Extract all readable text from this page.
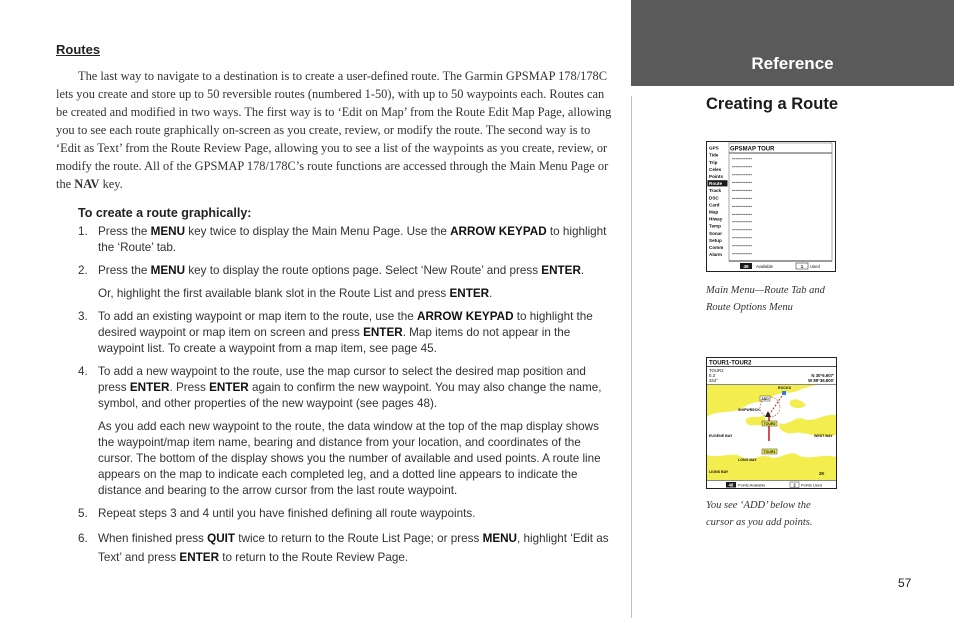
Routes

The last way to navigate to a destination is to create a user-defined route. The Garmin GPSMAP 178/178C lets you create and store up to 50 reversible routes (numbered 1-50), with up to 50 waypoints each. Routes can be created and modified in two ways. The first way is to ‘Edit on Map’ from the Route Edit Map Page, allowing you to see each route graphically on-screen as you create, review, or modify the route. The second way is to ‘Edit as Text’ from the Route Review Page, allowing you to see a list of the waypoints as you create, review, or modify the route. All of the GPSMAP 178/178C’s route functions are accessed through the Main Menu Page or the NAV key.

To create a route graphically:
1. Press the MENU key twice to display the Main Menu Page. Use the ARROW KEYPAD to highlight the ‘Route’ tab.

2. Press the MENU key to display the route options page. Select ‘New Route’ and press ENTER.

Or, highlight the first available blank slot in the Route List and press ENTER.

3. To add an existing waypoint or map item to the route, use the ARROW KEYPAD to highlight the desired waypoint or map item on screen and press ENTER. Map items do not appear in the waypoint list. To create a waypoint from a map item, see page 45.

4. To add a new waypoint to the route, use the map cursor to select the desired map position and press ENTER. Press ENTER again to confirm the new waypoint. You may also change the name, symbol, and other properties of the new waypoint (see pages 48).

As you add each new waypoint to the route, the data window at the top of the map display shows the waypoint/map item name, bearing and distance from your location, and coordinates of the cursor. The bottom of the display shows you the number of available and used points. A route line appears on the map to indicate each completed leg, and a dotted line appears to indicate the distance and bearing to the arrow cursor from the last route waypoint.

5. Repeat steps 3 and 4 until you have finished defining all route waypoints.

6. When finished press QUIT twice to return to the Route List Page; or press MENU, highlight ‘Edit as Text’ and press ENTER to return to the Route Review Page.

Reference
Creating a Route
GPSMAP TOUR
GPS
Tide
Trip
Celes
Points
Route
Track
DSC
Card
Map
Hiway
Temp
Sonar
Setup
Comm
Alarm
------------
------------
------------
------------
------------
------------
------------
------------
------------
------------
------------
------------
------------
49 Available	1 Used
Main Menu—Route Tab and
Route Options Menu
TOUR1-TOUR2
TOUR2
0.3
344°
N 30°6.607'
W 89°36.800'
ROCKS
ADD
SHIPWRECK
TOUR2
TOUR1
EUGENE BAY	WEST BAY
LONG BAY
LIONS BAY	2K
48 Points Available	2 Points Used
You see ‘ADD’ below the
cursor as you add points.
57
